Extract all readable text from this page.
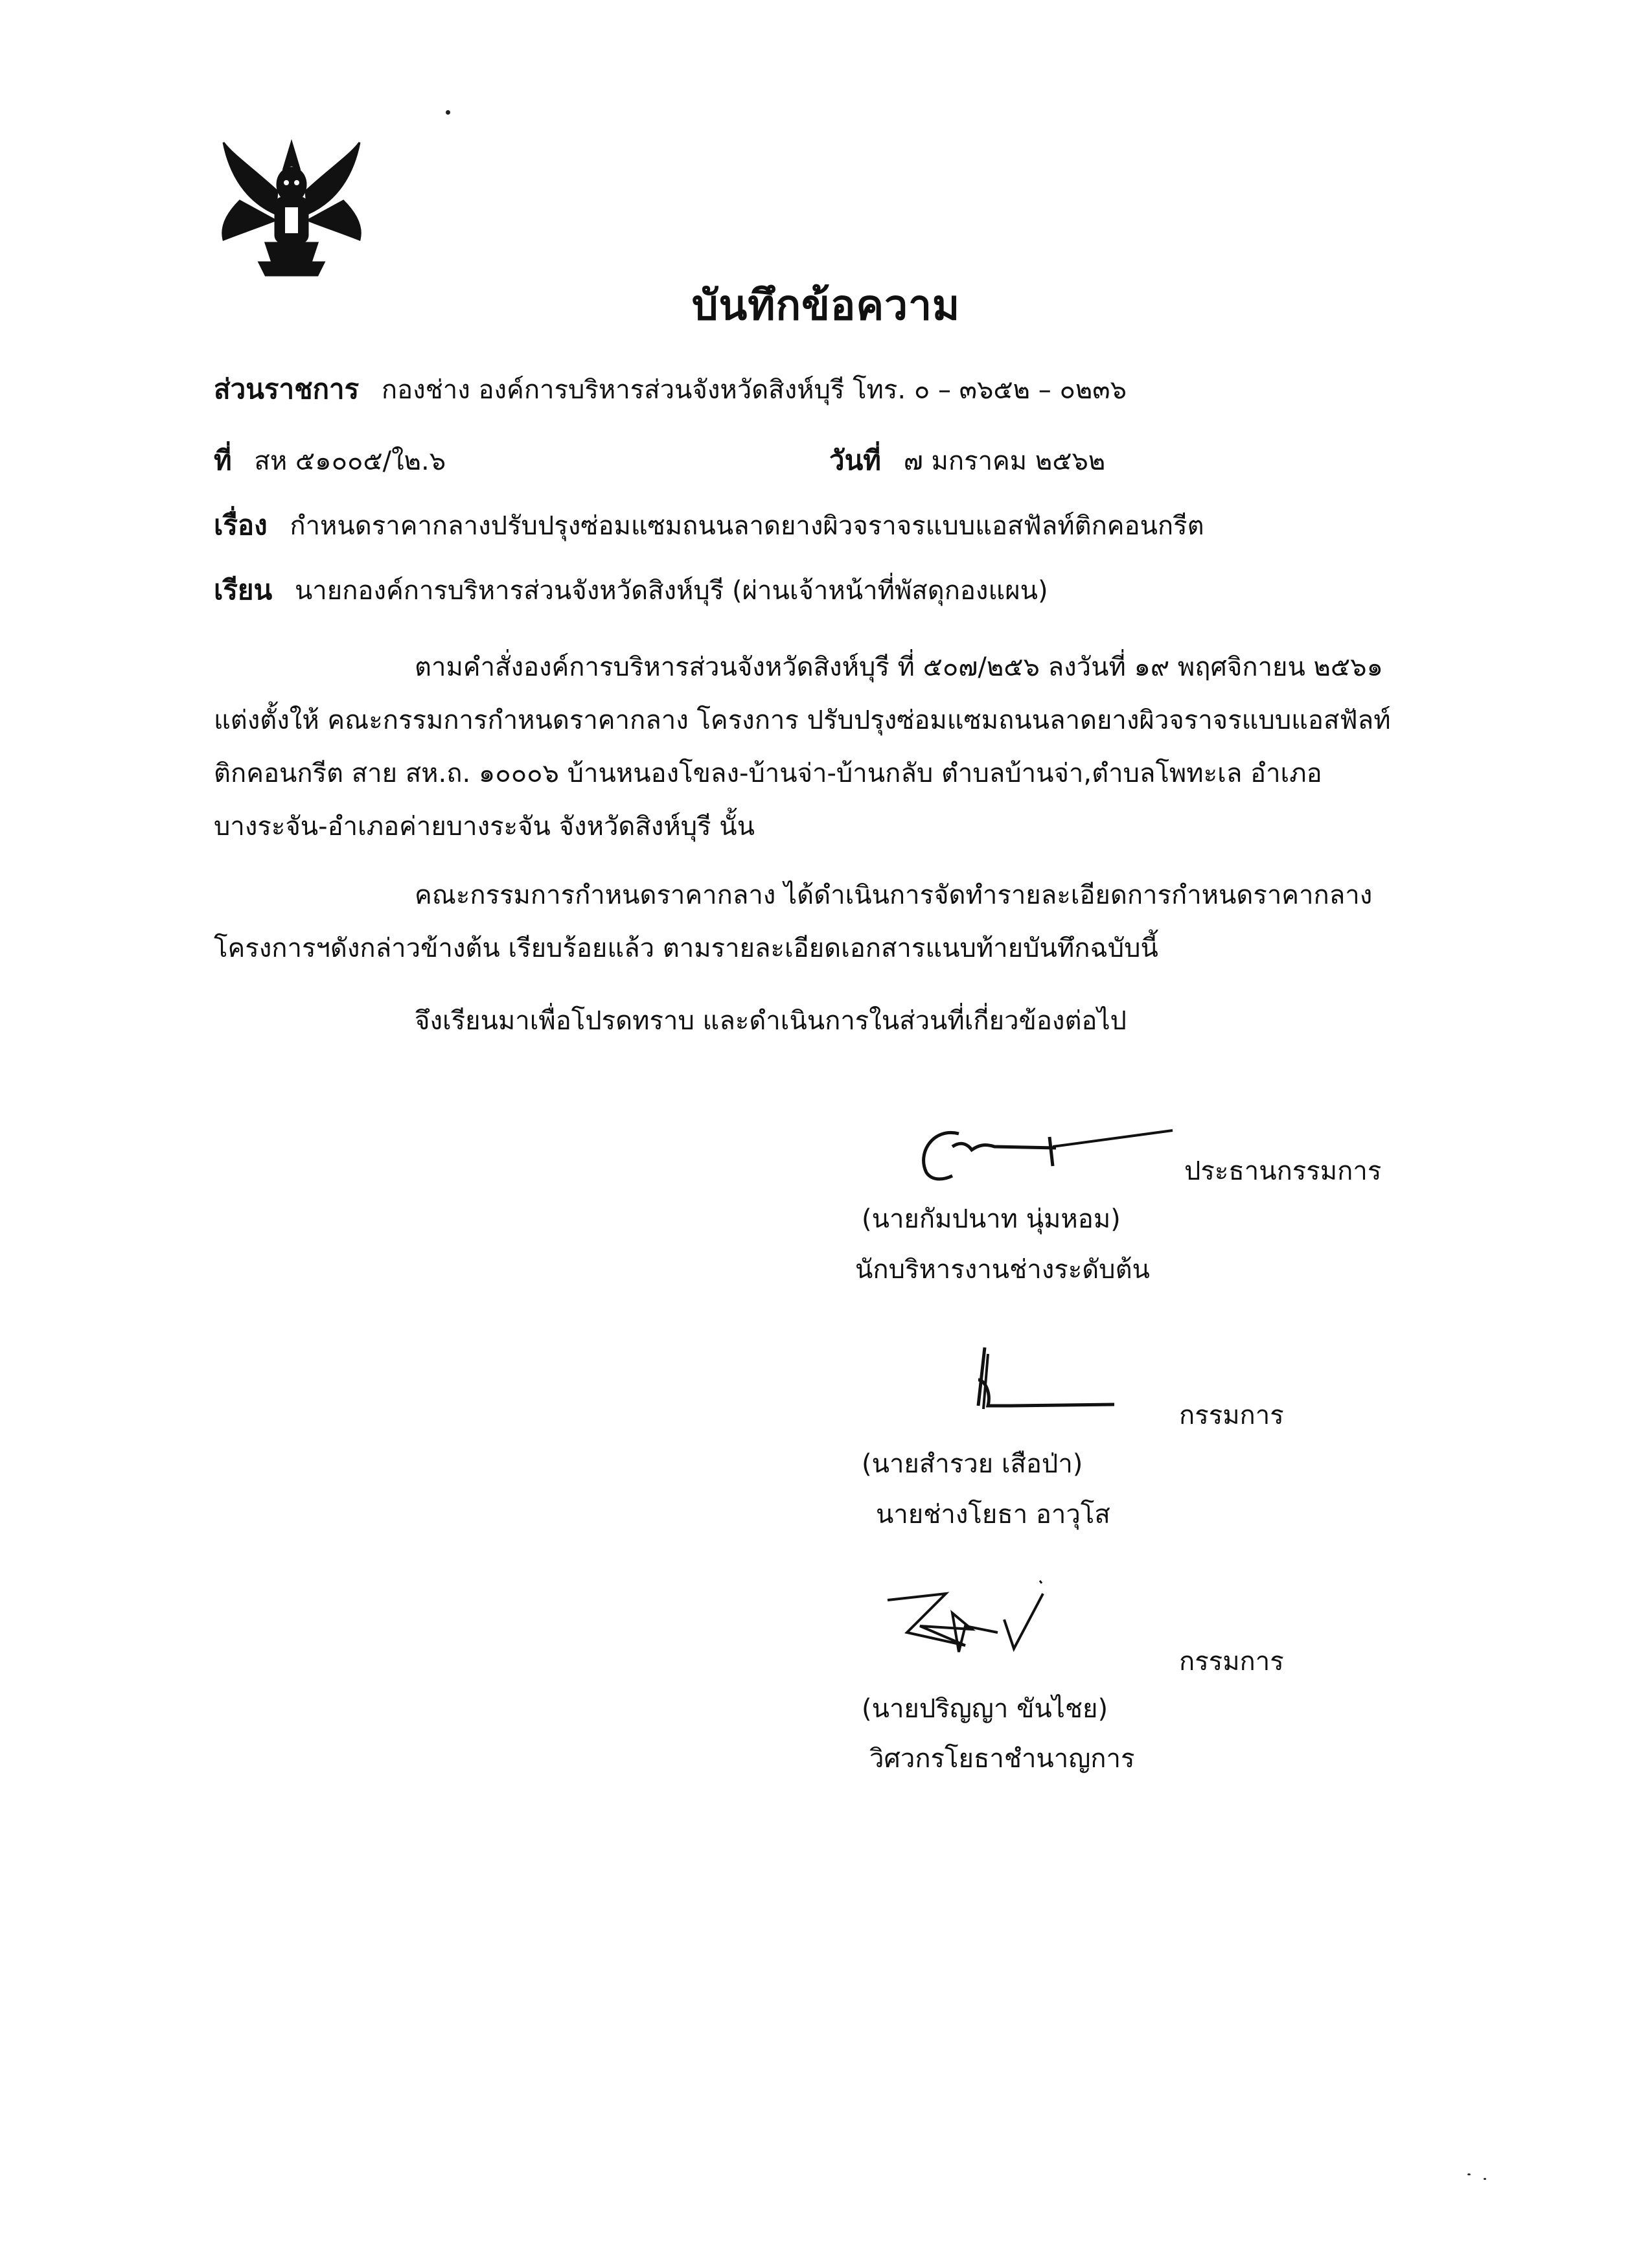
บันทึกข้อความ
ส่วนราชการ กองช่าง องค์การบริหารส่วนจังหวัดสิงห์บุรี โทร. ๐ – ๓๖๕๒ – ๐๒๓๖
ที่ สห ๕๑๐๐๕/ใ๒.๖	วันที่ ๗ มกราคม ๒๕๖๒
เรื่อง กำหนดราคากลางปรับปรุงซ่อมแซมถนนลาดยางผิวจราจรแบบแอสฟัลท์ติกคอนกรีต
เรียน นายกองค์การบริหารส่วนจังหวัดสิงห์บุรี (ผ่านเจ้าหน้าที่พัสดุกองแผน)
ตามคำสั่งองค์การบริหารส่วนจังหวัดสิงห์บุรี ที่ ๕๐๗/๒๕๖ ลงวันที่ ๑๙ พฤศจิกายน ๒๕๖๑
แต่งตั้งให้ คณะกรรมการกำหนดราคากลาง โครงการ ปรับปรุงซ่อมแซมถนนลาดยางผิวจราจรแบบแอสฟัลท์
ติกคอนกรีต สาย สห.ถ. ๑๐๐๐๖ บ้านหนองโขลง-บ้านจ่า-บ้านกลับ ตำบลบ้านจ่า,ตำบลโพทะเล อำเภอ
บางระจัน-อำเภอค่ายบางระจัน จังหวัดสิงห์บุรี นั้น
คณะกรรมการกำหนดราคากลาง ได้ดำเนินการจัดทำรายละเอียดการกำหนดราคากลาง
โครงการฯดังกล่าวข้างต้น เรียบร้อยแล้ว ตามรายละเอียดเอกสารแนบท้ายบันทึกฉบับนี้
จึงเรียนมาเพื่อโปรดทราบ และดำเนินการในส่วนที่เกี่ยวข้องต่อไป
ประธานกรรมการ
(นายกัมปนาท นุ่มหอม)
นักบริหารงานช่างระดับต้น
กรรมการ
(นายสำรวย เสือป่า)
นายช่างโยธา อาวุโส
กรรมการ
(นายปริญญา ขันไชย)
วิศวกรโยธาชำนาญการ
